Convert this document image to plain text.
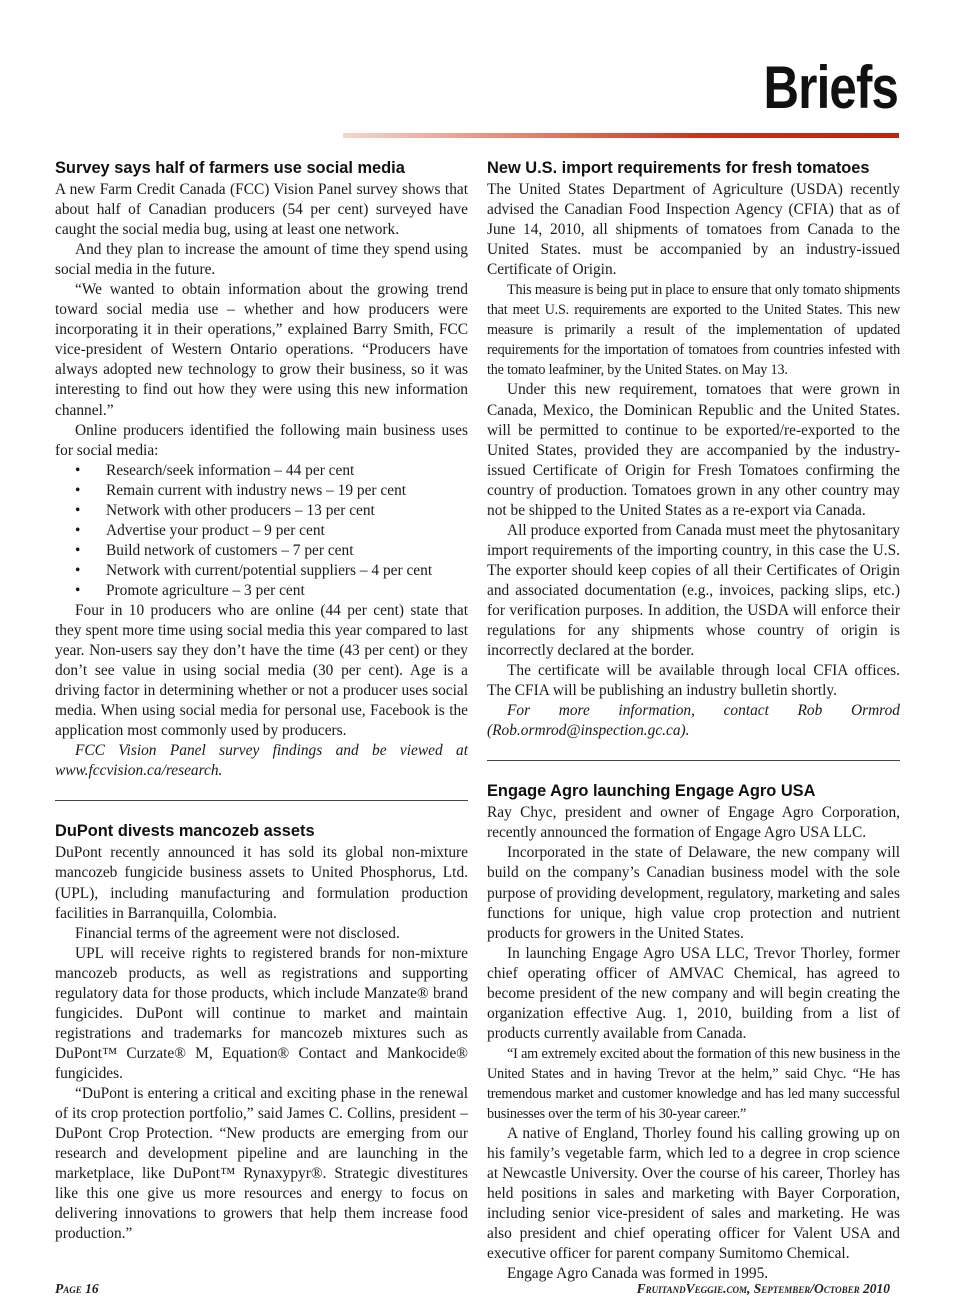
Briefs
Survey says half of farmers use social media

A new Farm Credit Canada (FCC) Vision Panel survey shows that about half of Canadian producers (54 per cent) surveyed have caught the social media bug, using at least one network.

And they plan to increase the amount of time they spend using social media in the future.

“We wanted to obtain information about the growing trend toward social media use – whether and how producers were incorporating it in their operations,” explained Barry Smith, FCC vice-president of Western Ontario operations. “Producers have always adopted new technology to grow their business, so it was interesting to find out how they were using this new information channel.”

Online producers identified the following main business uses for social media:

• Research/seek information – 44 per cent
• Remain current with industry news – 19 per cent
• Network with other producers – 13 per cent
• Advertise your product – 9 per cent
• Build network of customers – 7 per cent
• Network with current/potential suppliers – 4 per cent
• Promote agriculture – 3 per cent

Four in 10 producers who are online (44 per cent) state that they spent more time using social media this year compared to last year. Non-users say they don’t have the time (43 per cent) or they don’t see value in using social media (30 per cent). Age is a driving factor in determining whether or not a producer uses social media. When using social media for personal use, Facebook is the application most commonly used by producers.

FCC Vision Panel survey findings and be viewed at www.fccvision.ca/research.

DuPont divests mancozeb assets

DuPont recently announced it has sold its global non-mixture mancozeb fungicide business assets to United Phosphorus, Ltd. (UPL), including manufacturing and formulation production facilities in Barranquilla, Colombia.

Financial terms of the agreement were not disclosed.

UPL will receive rights to registered brands for non-mixture mancozeb products, as well as registrations and supporting regulatory data for those products, which include Manzate® brand fungicides. DuPont will continue to market and maintain registrations and trademarks for mancozeb mixtures such as DuPont™ Curzate® M, Equation® Contact and Mankocide® fungicides.

“DuPont is entering a critical and exciting phase in the renewal of its crop protection portfolio,” said James C. Collins, president – DuPont Crop Protection. “New products are emerging from our research and development pipeline and are launching in the marketplace, like DuPont™ Rynaxypyr®. Strategic divestitures like this one give us more resources and energy to focus on delivering innovations to growers that help them increase food production.”

New U.S. import requirements for fresh tomatoes

The United States Department of Agriculture (USDA) recently advised the Canadian Food Inspection Agency (CFIA) that as of June 14, 2010, all shipments of tomatoes from Canada to the United States. must be accompanied by an industry-issued Certificate of Origin.

This measure is being put in place to ensure that only tomato shipments that meet U.S. requirements are exported to the United States. This new measure is primarily a result of the implementation of updated requirements for the importation of tomatoes from countries infested with the tomato leafminer, by the United States. on May 13.

Under this new requirement, tomatoes that were grown in Canada, Mexico, the Dominican Republic and the United States. will be permitted to continue to be exported/re-exported to the United States, provided they are accompanied by the industry-issued Certificate of Origin for Fresh Tomatoes confirming the country of production. Tomatoes grown in any other country may not be shipped to the United States as a re-export via Canada.

All produce exported from Canada must meet the phytosanitary import requirements of the importing country, in this case the U.S. The exporter should keep copies of all their Certificates of Origin and associated documentation (e.g., invoices, packing slips, etc.) for verification purposes. In addition, the USDA will enforce their regulations for any shipments whose country of origin is incorrectly declared at the border.

The certificate will be available through local CFIA offices. The CFIA will be publishing an industry bulletin shortly.

For more information, contact Rob Ormrod (Rob.ormrod@inspection.gc.ca).

Engage Agro launching Engage Agro USA

Ray Chyc, president and owner of Engage Agro Corporation, recently announced the formation of Engage Agro USA LLC.

Incorporated in the state of Delaware, the new company will build on the company’s Canadian business model with the sole purpose of providing development, regulatory, marketing and sales functions for unique, high value crop protection and nutrient products for growers in the United States.

In launching Engage Agro USA LLC, Trevor Thorley, former chief operating officer of AMVAC Chemical, has agreed to become president of the new company and will begin creating the organization effective Aug. 1, 2010, building from a list of products currently available from Canada.

“I am extremely excited about the formation of this new business in the United States and in having Trevor at the helm,” said Chyc. “He has tremendous market and customer knowledge and has led many successful businesses over the term of his 30-year career.”

A native of England, Thorley found his calling growing up on his family’s vegetable farm, which led to a degree in crop science at Newcastle University. Over the course of his career, Thorley has held positions in sales and marketing with Bayer Corporation, including senior vice-president of sales and marketing. He was also president and chief operating officer for Valent USA and executive officer for parent company Sumitomo Chemical.

Engage Agro Canada was formed in 1995.

Page 16	FruitandVeggie.com, September/October 2010
